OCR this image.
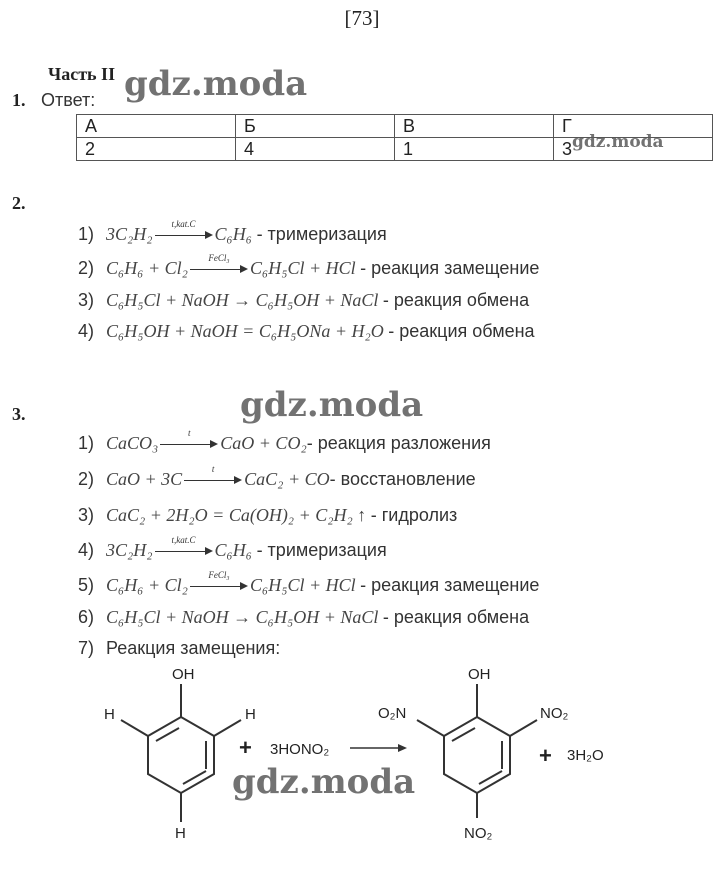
[73]
Часть II gdz.moda
1. Ответ:
А	Б	В	Г
2	4	1	3 gdz.moda
2.
1) 3C₂H₂	t,kat.C	C₆H₆
- тримеризация
2) C₆H₆ + Cl₂	FeCl₃	C₆H₅Cl + HCl
- реакция замещение
3) C₆H₅Cl + NaOH → C₆H₅OH + NaCl
- реакция обмена
4) C₆H₅OH + NaOH = C₆H₅ONa + H₂O
- реакция обмена
gdz.moda
3.
1) CaCO₃	t	CaO + CO₂ - реакция разложения
2) CaO + 3C	t	CaC₂ + CO - восстановление
3) CaC₂ + 2H₂O = Ca(OH)₂ + C₂H₂ ↑
- гидролиз
4) 3C₂H₂	t,kat.C	C₆H₆
- тримеризация
5) C₆H₆ + Cl₂	FeCl₃	C₆H₅Cl + HCl
- реакция замещение
6) C₆H₅Cl + NaOH → C₆H₅OH + NaCl
- реакция обмена
7) Реакция замещения:
OH
H
H
H
+ 3HONO₂
OH
NO₂
O₂N
NO₂
+ 3H₂O
gdz.moda
